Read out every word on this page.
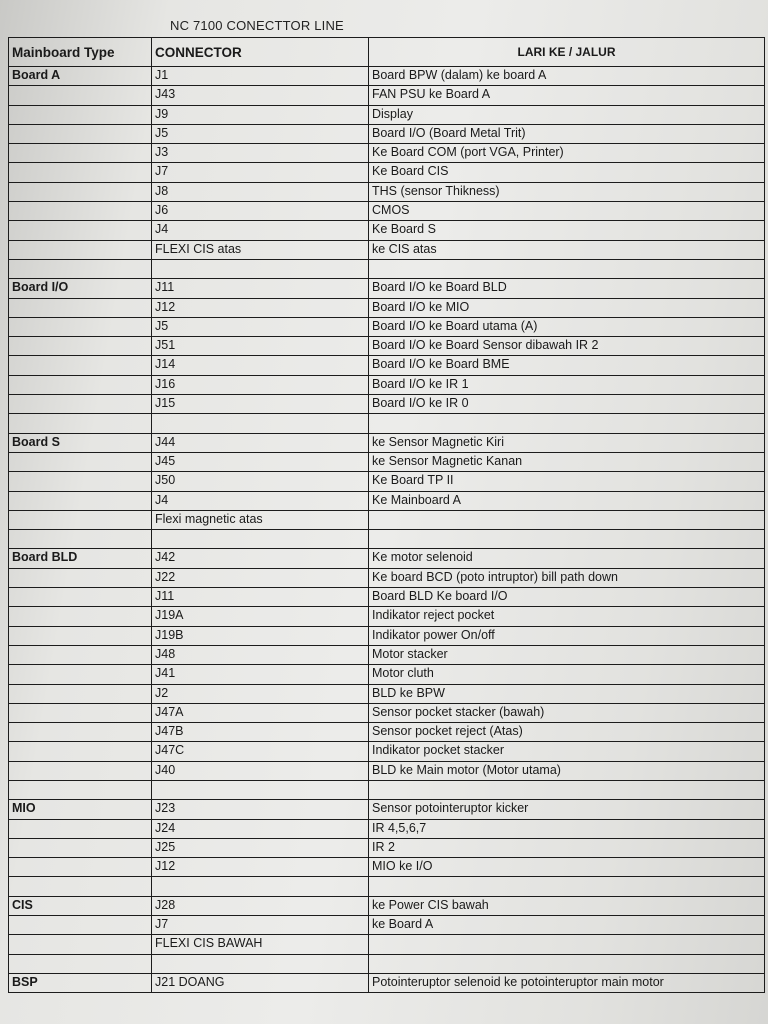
NC 7100 CONECTTOR LINE
Mainboard Type	CONNECTOR	LARI KE / JALUR
Board A	J1	Board BPW (dalam) ke board A
	J43	FAN PSU ke Board A
	J9	Display
	J5	Board I/O (Board Metal Trit)
	J3	Ke Board COM (port VGA, Printer)
	J7	Ke Board CIS
	J8	THS (sensor Thikness)
	J6	CMOS
	J4	Ke Board S
	FLEXI CIS atas	ke CIS atas

Board I/O	J11	Board I/O ke Board BLD
	J12	Board I/O ke MIO
	J5	Board I/O ke Board utama (A)
	J51	Board I/O ke Board Sensor dibawah IR 2
	J14	Board I/O ke Board BME
	J16	Board I/O ke IR 1
	J15	Board I/O ke IR 0

Board S	J44	ke Sensor Magnetic Kiri
	J45	ke Sensor Magnetic Kanan
	J50	Ke Board TP II
	J4	Ke Mainboard A
	Flexi magnetic atas	

Board BLD	J42	Ke motor selenoid
	J22	Ke board BCD (poto intruptor) bill path down
	J11	Board BLD Ke board I/O
	J19A	Indikator reject pocket
	J19B	Indikator power On/off
	J48	Motor stacker
	J41	Motor cluth
	J2	BLD ke BPW
	J47A	Sensor pocket stacker (bawah)
	J47B	Sensor pocket reject (Atas)
	J47C	Indikator pocket stacker
	J40	BLD ke Main motor (Motor utama)

MIO	J23	Sensor potointeruptor kicker
	J24	IR 4,5,6,7
	J25	IR 2
	J12	MIO ke I/O

CIS	J28	ke Power CIS bawah
	J7	ke Board A
	FLEXI CIS BAWAH	

BSP	J21 DOANG	Potointeruptor selenoid ke potointeruptor main motor
